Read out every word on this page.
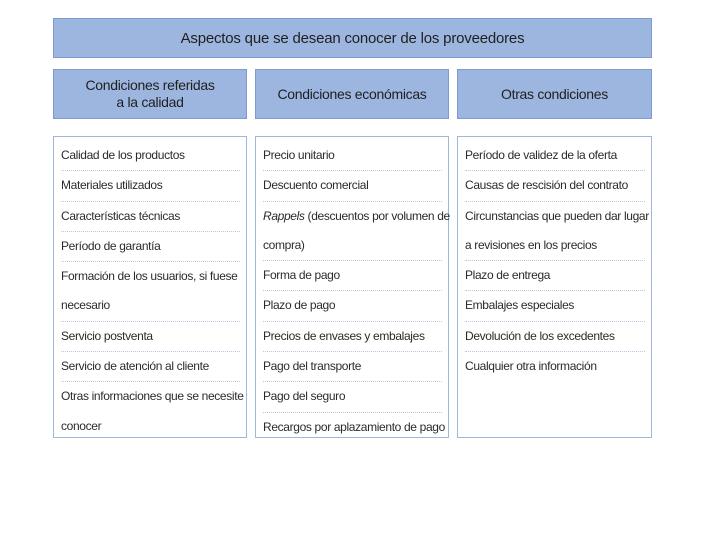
Aspectos que se desean conocer de los proveedores
Condiciones referidas
a la calidad
Condiciones económicas	Otras condiciones
Calidad de los productos
Materiales utilizados
Características técnicas
Período de garantía
Formación de los usuarios, si fuese
necesario
Servicio postventa
Servicio de atención al cliente
Otras informaciones que se necesite
conocer
Precio unitario
Descuento comercial
Rappels (descuentos por volumen de
compra)
Forma de pago
Plazo de pago
Precios de envases y embalajes
Pago del transporte
Pago del seguro
Recargos por aplazamiento de pago
Período de validez de la oferta
Causas de rescisión del contrato
Circunstancias que pueden dar lugar
a revisiones en los precios
Plazo de entrega
Embalajes especiales
Devolución de los excedentes
Cualquier otra información
